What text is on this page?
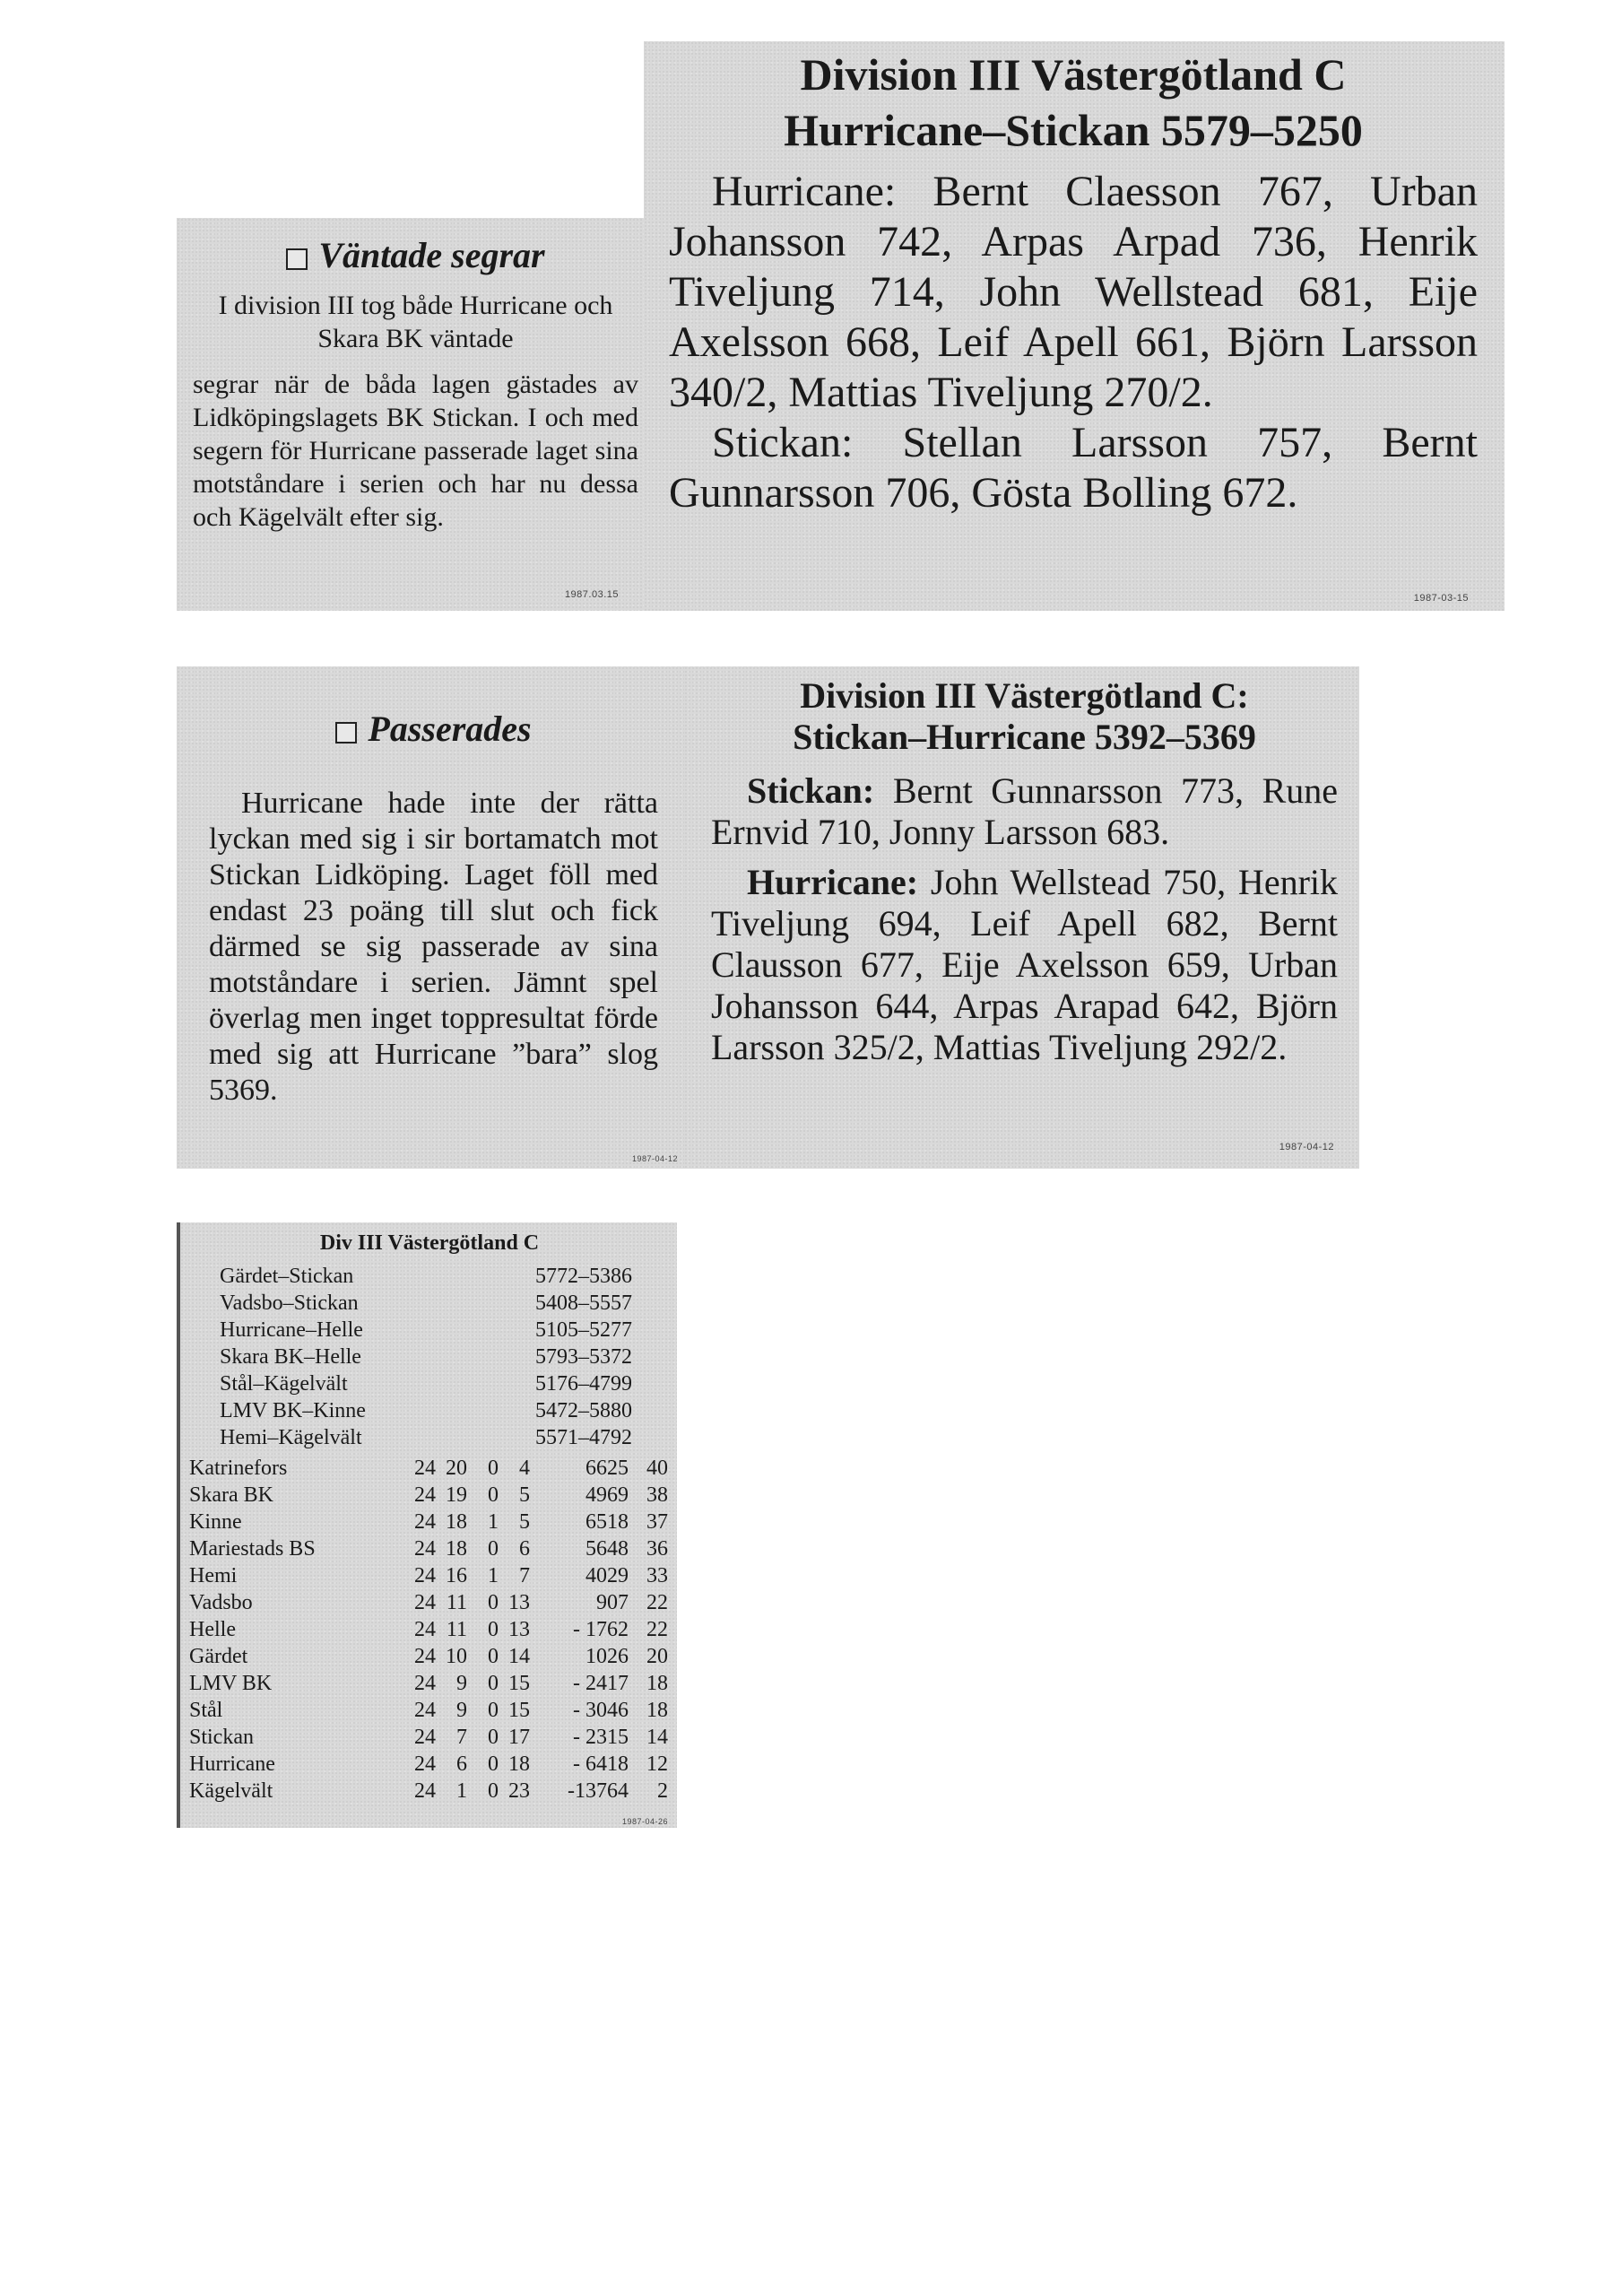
Väntade segrar
I division III tog både Hurricane och Skara BK väntade
segrar när de båda lagen gästades av Lidköpingslagets BK Stickan. I och med segern för Hurricane passerade laget sina motståndare i serien och har nu dessa och Kägelvält efter sig.
1987.03.15
Division III Västergötland C
Hurricane–Stickan 5579–5250

Hurricane: Bernt Claesson 767, Urban Johansson 742, Arpas Arpad 736, Henrik Tiveljung 714, John Wellstead 681, Eije Axelsson 668, Leif Apell 661, Björn Larsson 340/2, Mattias Tiveljung 270/2.

Stickan: Stellan Larsson 757, Bernt Gunnarsson 706, Gösta Bolling 672.

1987-03-15
Passerades

Hurricane hade inte der rätta lyckan med sig i sir bortamatch mot Stickan Lidköping. Laget föll med endast 23 poäng till slut och fick därmed se sig passerade av sina motståndare i serien. Jämnt spel överlag men inget toppresultat förde med sig att Hurricane ”bara” slog 5369.

1987-04-12
Division III Västergötland C:
Stickan–Hurricane 5392–5369

Stickan: Bernt Gunnarsson 773, Rune Ernvid 710, Jonny Larsson 683.

Hurricane: John Wellstead 750, Henrik Tiveljung 694, Leif Apell 682, Bernt Clausson 677, Eije Axelsson 659, Urban Johansson 644, Arpas Arapad 642, Björn Larsson 325/2, Mattias Tiveljung 292/2.

1987-04-12
Div III Västergötland C
Gärdet–Stickan	5772–5386
Vadsbo–Stickan	5408–5557
Hurricane–Helle	5105–5277
Skara BK–Helle	5793–5372
Stål–Kägelvält	5176–4799
LMV BK–Kinne	5472–5880
Hemi–Kägelvält	5571–4792
Katrinefors	24 20 0 4	6625 40
Skara BK	24 19 0 5	4969 38
Kinne	24 18 1 5	6518 37
Mariestads BS	24 18 0 6	5648 36
Hemi	24 16 1 7	4029 33
Vadsbo	24 11 0 13	907 22
Helle	24 11 0 13	- 1762 22
Gärdet	24 10 0 14	1026 20
LMV BK	24 9 0 15	- 2417 18
Stål	24 9 0 15	- 3046 18
Stickan	24 7 0 17	- 2315 14
Hurricane	24 6 0 18	- 6418 12
Kägelvält	24 1 0 23	-13764	2
1987-04-26
